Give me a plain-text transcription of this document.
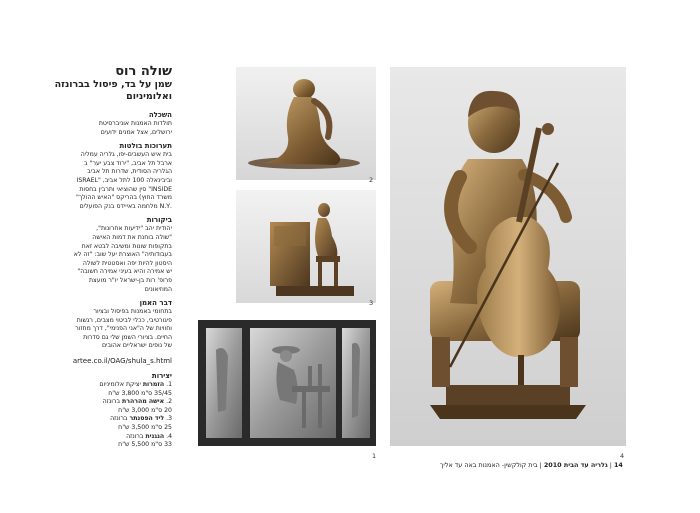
שולה רוס

שמן על בד, פיסול בברונזה ואלומיניום

השכלה

תולדות האמנות אוניברסיטת
ירושלים, אצל אמנים ידועים

תערוכות בולטות

בית איש העשבים-יפו, גלריה עמליה
ארבל תל אביב, "ירוד צבע יער" ב
הגלריה הסודית, שדרות תל אביב
וביבינאלה 100 לתל אביב, "ISRAEL
INSIDE" סין שהוציאי ותרבין בחסות
משרד החוץ) בהריקס "האיש ההולך"
.N.Y מלחמה באייידס בנק הפועלים

ביקורות

יהודית יהב "ידיעות אחרונות",
"שולה בוחנת את דמות האישה
בתקופות שונות ומשיבה לבטא זאת
בעבודותיה" האוצרת יעל שוב: "זה לא
היסטון להיות יפה ואסטטית לשולה
יש אמירה והיא בעיני אמירה חשובה"
פרופ' רות בן-ישראל יו"ר מועצת
המוזיאונים

דבר האמן

בתחומי באמנות בפיסול ובציור
פיגורטיבי, ככלי לביטוי מצבים, רגשות
וחוויות של ה"אני הפנימי", דרך מחזור
החיים. בציורי השמן שלי גם סדרות
של נופים ישראליים אהובים

artee.co.il/OAG/shula_s.html

יצירות

1. הזמרות יציקת אלומיניום
35/45 ס"מ 3,800 ש"ח
2. אישה מהרהרת ברונזה
20 ס"מ 3,000 ש"ח
3. ליד הפסנתר ברונזה
25 ס"מ 3,500 ש"ח
4. הנגנית ברונזה
33 ס"מ 5,500 ש"ח
2
3
1	4
14 | גלריה עד הבית 2010 | בית קולקשין- האמנות באה עד אליך
